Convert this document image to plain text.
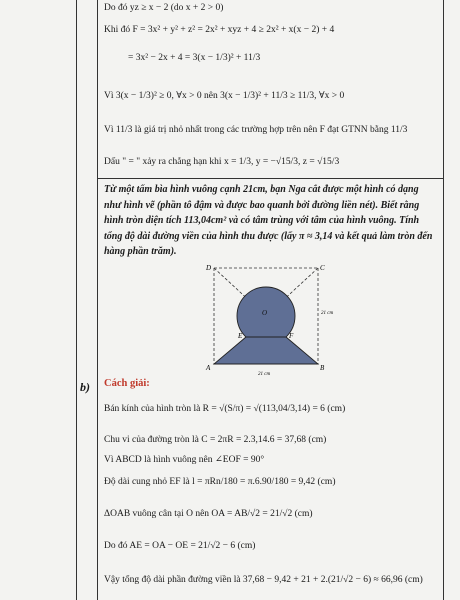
Do đó yz ≥ x − 2 (do x + 2 > 0)
Khi đó F = 3x² + y² + z² = 2x² + xyz + 4 ≥ 2x² + x(x − 2) + 4
= 3x² − 2x + 4 = 3(x − 1/3)² + 11/3
Vì 3(x − 1/3)² ≥ 0, ∀x > 0 nên 3(x − 1/3)² + 11/3 ≥ 11/3, ∀x > 0
Vì 11/3 là giá trị nhỏ nhất trong các trường hợp trên nên F đạt GTNN bằng 11/3
Dấu " = " xảy ra chẳng hạn khi x = 1/3, y = −√15/3, z = √15/3
Từ một tấm bìa hình vuông cạnh 21cm, bạn Nga cắt được một hình có dạng như hình vẽ (phần tô đậm và được bao quanh bởi đường liền nét). Biết rằng hình tròn diện tích 113,04cm² và có tâm trùng với tâm của hình vuông. Tính tổng độ dài đường viền của hình thu được (lấy π ≈ 3,14 và kết quả làm tròn đến hàng phần trăm).
b)
D	C
A	B
E	F
O	21 cm
21 cm
Cách giải:
Bán kính của hình tròn là R = √(S/π) = √(113,04/3,14) = 6 (cm)
Chu vi của đường tròn là C = 2πR = 2.3,14.6 = 37,68 (cm)
Vì ABCD là hình vuông nên ∠EOF = 90°
Độ dài cung nhỏ EF là l = πRn/180 = π.6.90/180 = 9,42 (cm)
ΔOAB vuông cân tại O nên OA = AB/√2 = 21/√2 (cm)
Do đó AE = OA − OE = 21/√2 − 6 (cm)
Vậy tổng độ dài phần đường viền là 37,68 − 9,42 + 21 + 2.(21/√2 − 6) ≈ 66,96 (cm)
